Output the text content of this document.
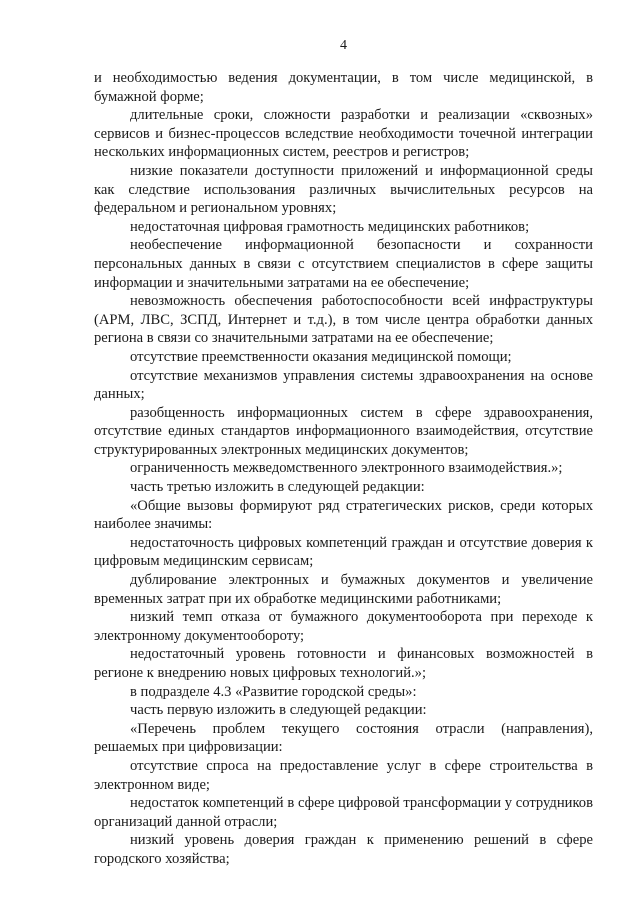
4

и необходимостью ведения документации, в том числе медицинской, в бумажной форме;

длительные сроки, сложности разработки и реализации «сквозных» сервисов и бизнес-процессов вследствие необходимости точечной интеграции нескольких информационных систем, реестров и регистров;

низкие показатели доступности приложений и информационной среды как следствие использования различных вычислительных ресурсов на федеральном и региональном уровнях;

недостаточная цифровая грамотность медицинских работников;

необеспечение информационной безопасности и сохранности персональных данных в связи с отсутствием специалистов в сфере защиты информации и значительными затратами на ее обеспечение;

невозможность обеспечения работоспособности всей инфраструктуры (АРМ, ЛВС, ЗСПД, Интернет и т.д.), в том числе центра обработки данных региона в связи со значительными затратами на ее обеспечение;

отсутствие преемственности оказания медицинской помощи;

отсутствие механизмов управления системы здравоохранения на основе данных;

разобщенность информационных систем в сфере здравоохранения, отсутствие единых стандартов информационного взаимодействия, отсутствие структурированных электронных медицинских документов;

ограниченность межведомственного электронного взаимодействия.»;

часть третью изложить в следующей редакции:

«Общие вызовы формируют ряд стратегических рисков, среди которых наиболее значимы:

недостаточность цифровых компетенций граждан и отсутствие доверия к цифровым медицинским сервисам;

дублирование электронных и бумажных документов и увеличение временных затрат при их обработке медицинскими работниками;

низкий темп отказа от бумажного документооборота при переходе к электронному документообороту;

недостаточный уровень готовности и финансовых возможностей в регионе к внедрению новых цифровых технологий.»;

в подразделе 4.3 «Развитие городской среды»:

часть первую изложить в следующей редакции:

«Перечень проблем текущего состояния отрасли (направления), решаемых при цифровизации:

отсутствие спроса на предоставление услуг в сфере строительства в электронном виде;

недостаток компетенций в сфере цифровой трансформации у сотрудников организаций данной отрасли;

низкий уровень доверия граждан к применению решений в сфере городского хозяйства;
